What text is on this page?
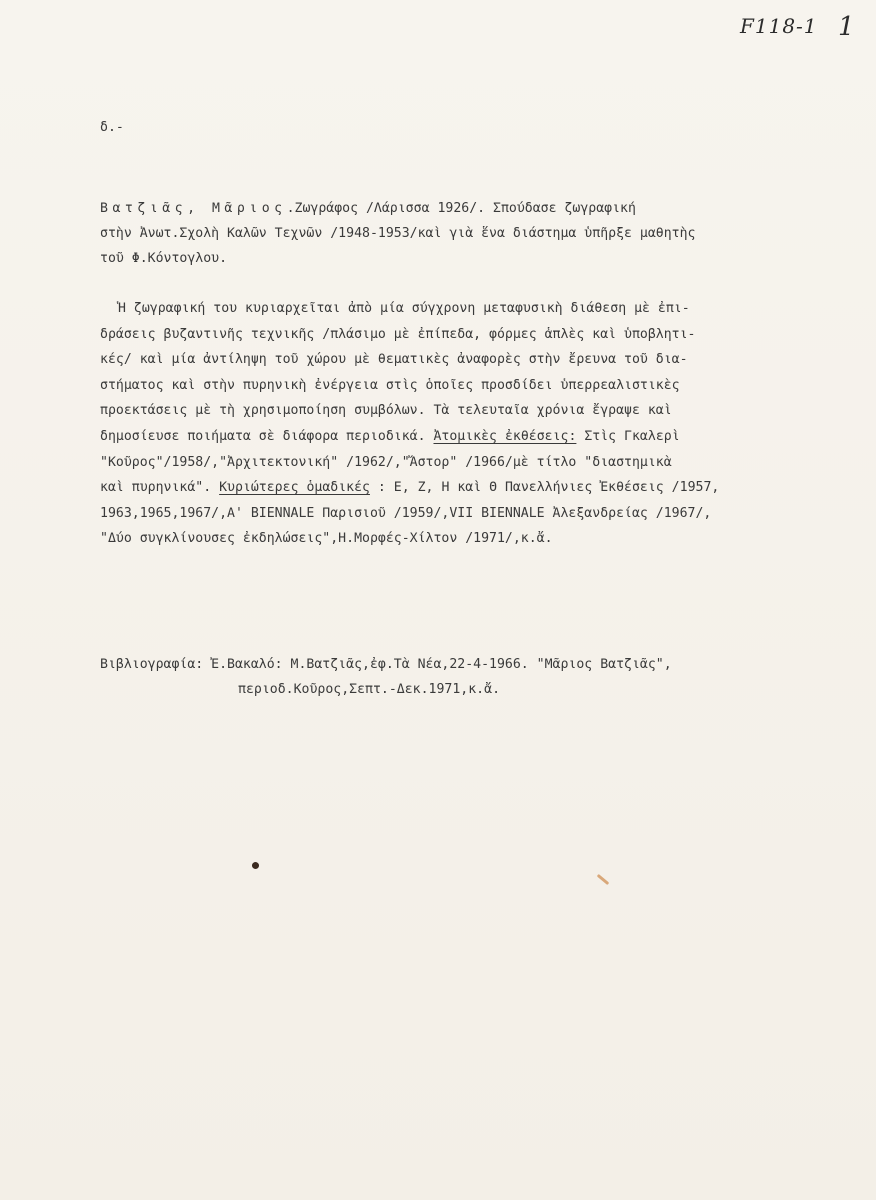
F118-1 1
δ.-
Βατζιᾶς, Μᾶριος.Ζωγράφος /Λάρισσα 1926/. Σπούδασε ζωγραφική
στὴν Ἀνωτ.Σχολὴ Καλῶν Τεχνῶν /1948-1953/καὶ γιὰ ἕνα διάστημα ὑπῆρξε μαθητὴς
τοῦ Φ.Κόντογλου.
Ἡ ζωγραφική του κυριαρχεῖται ἀπὸ μία σύγχρονη μεταφυσικὴ διάθεση μὲ ἐπι-
δράσεις βυζαντινῆς τεχνικῆς /πλάσιμο μὲ ἐπίπεδα, φόρμες ἁπλὲς καὶ ὑποβλητι-
κές/ καὶ μία ἀντίληψη τοῦ χώρου μὲ θεματικὲς ἀναφορὲς στὴν ἔρευνα τοῦ δια-
στήματος καὶ στὴν πυρηνικὴ ἐνέργεια στὶς ὁποῖες προσδίδει ὑπερρεαλιστικὲς
προεκτάσεις μὲ τὴ χρησιμοποίηση συμβόλων. Τὰ τελευταῖα χρόνια ἔγραψε καὶ
δημοσίευσε ποιήματα σὲ διάφορα περιοδικά. Ἀτομικὲς ἐκθέσεις: Στὶς Γκαλερὶ
"Κοῦρος"/1958/,"Ἀρχιτεκτονική" /1962/,"Ἄστορ" /1966/μὲ τίτλο "διαστημικὰ
καὶ πυρηνικά". Κυριώτερες ὁμαδικές : Ε, Ζ, Η καὶ Θ Πανελλήνιες Ἐκθέσεις /1957,
1963,1965,1967/,Α' BIENNALE Παρισιοῦ /1959/,VII BIENNALE Ἀλεξανδρείας /1967/,
"Δύο συγκλίνουσες ἐκδηλώσεις",Η.Μορφές-Χίλτον /1971/,κ.ἄ.
Βιβλιογραφία: Ἐ.Βακαλό: Μ.Βατζιᾶς,ἐφ.Τὰ Νέα,22-4-1966. "Μᾶριος Βατζιᾶς",
περιοδ.Κοῦρος,Σεπτ.-Δεκ.1971,κ.ἄ.
